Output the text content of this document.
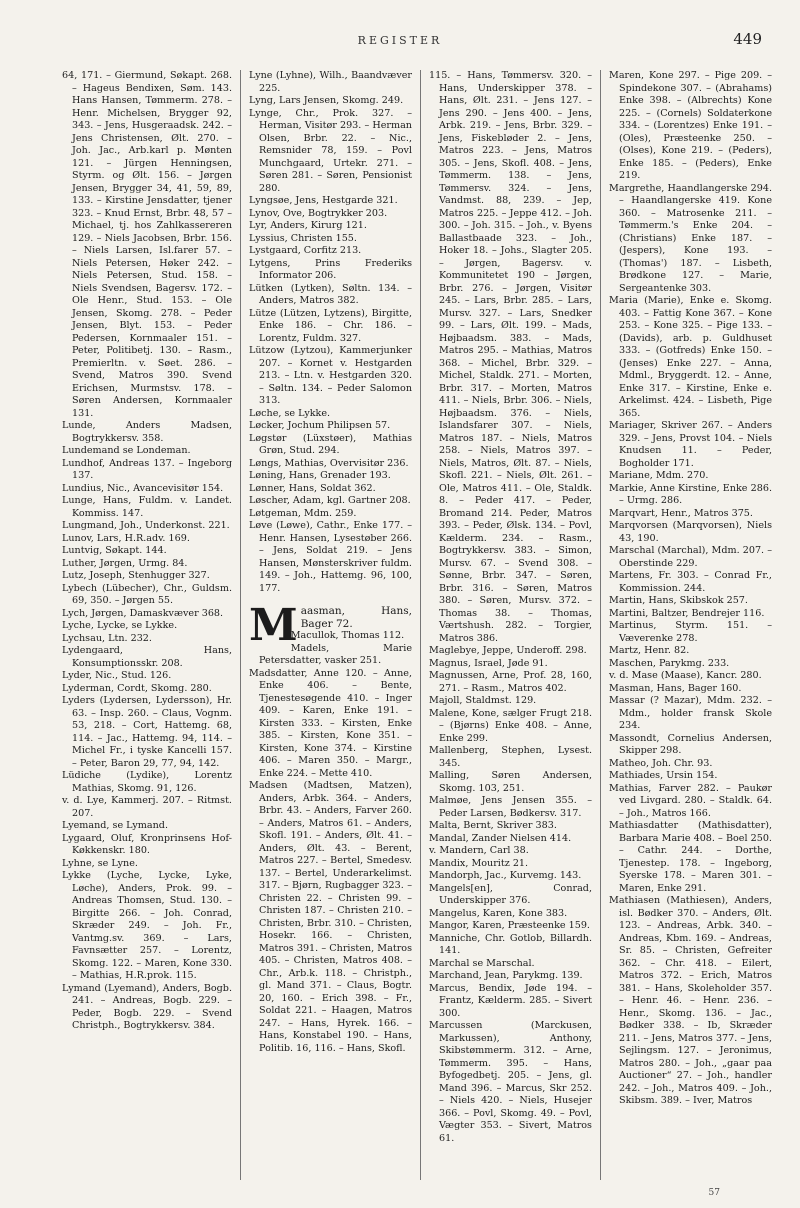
REGISTER	449

64, 171. – Giermund, Søkapt. 268. – Hageus Bendixen, Søm. 143. Hans Hansen, Tømmerm. 278. – Henr. Michelsen, Brygger 92, 343. – Jens, Husgeraadsk. 242. – Jens Christensen, Ølt. 270. – Joh. Jac., Arb.karl p. Mønten 121. – Jürgen Henningsen, Styrm. og Ølt. 156. – Jørgen Jensen, Brygger 34, 41, 59, 89, 133. – Kirstine Jensdatter, tjener 323. – Knud Ernst, Brbr. 48, 57 – Michael, tj. hos Zahlkassereren 129. – Niels Jacobsen, Brbr. 156. – Niels Larsen, Isl.farer 57. – Niels Petersen, Høker 242. – Niels Petersen, Stud. 158. – Niels Svendsen, Bagersv. 172. – Ole Henr., Stud. 153. – Ole Jensen, Skomg. 278. – Peder Jensen, Blyt. 153. – Peder Pedersen, Kornmaaler 151. – Peter, Politibetj. 130. – Rasm., Premierltn. v. Søet. 286. – Svend, Matros 390. Svend Erichsen, Murmstsv. 178. – Søren Andersen, Kornmaaler 131.

Lunde, Anders Madsen, Bogtrykkersv. 358.

Lundemand se Londeman.

Lundhof, Andreas 137. – Ingeborg 137.

Lundius, Nic., Avancevisitør 154.

Lunge, Hans, Fuldm. v. Landet. Kommiss. 147.

Lungmand, Joh., Underkonst. 221.

Lunov, Lars, H.R.adv. 169.

Luntvig, Søkapt. 144.

Luther, Jørgen, Urmg. 84.

Lutz, Joseph, Stenhugger 327.

Lybech (Lübecher), Chr., Guldsm. 69, 350. – Jørgen 55.

Lych, Jørgen, Damaskvæver 368.

Lyche, Lycke, se Lykke.

Lychsau, Ltn. 232.

Lydengaard, Hans, Konsumptionsskr. 208.

Lyder, Nic., Stud. 126.

Lyderman, Cordt, Skomg. 280.

Lyders (Lydersen, Lydersson), Hr. 63. – Insp. 260. – Claus, Vognm. 53, 218. – Cort, Hattemg. 68, 114. – Jac., Hattemg. 94, 114. – Michel Fr., i tyske Kancelli 157. – Peter, Baron 29, 77, 94, 142.

Lüdiche (Lydike), Lorentz Mathias, Skomg. 91, 126.

v. d. Lye, Kammerj. 207. – Ritmst. 207.

Lyemand, se Lymand.

Lygaard, Oluf, Kronprinsens Hof-Køkkenskr. 180.

Lyhne, se Lyne.

Lykke (Lyche, Lycke, Lyke, Løche), Anders, Prok. 99. – Andreas Thomsen, Stud. 130. – Birgitte 266. – Joh. Conrad, Skræder 249. – Joh. Fr., Vantmg.sv. 369. – Lars, Favnsætter 257. – Lorentz, Skomg. 122. – Maren, Kone 330. – Mathias, H.R.prok. 115.

Lymand (Lyemand), Anders, Bogb. 241. – Andreas, Bogb. 229. – Peder, Bogb. 229. – Svend Christph., Bogtrykkersv. 384.

Lyne (Lyhne), Wilh., Baandvæver 225.

Lyng, Lars Jensen, Skomg. 249.

Lynge, Chr., Prok. 327. – Herman, Visitør 293. – Herman Olsen, Brbr. 22. – Nic., Remsnider 78, 159. – Povl Munchgaard, Urtekr. 271. – Søren 281. – Søren, Pensionist 280.

Lyngsøe, Jens, Hestgarde 321.

Lynov, Ove, Bogtrykker 203.

Lyr, Anders, Kirurg 121.

Lyssius, Christen 155.

Lystgaard, Corfitz 213.

Lytgens, Prins Frederiks Informator 206.

Lütken (Lytken), Søltn. 134. – Anders, Matros 382.

Lütze (Lützen, Lytzens), Birgitte, Enke 186. – Chr. 186. – Lorentz, Fuldm. 327.

Lützow (Lytzou), Kammerjunker 207. – Kornet v. Hestgarden 213. – Ltn. v. Hestgarden 320. – Søltn. 134. – Peder Salomon 313.

Løche, se Lykke.

Løcker, Jochum Philipsen 57.

Løgstør (Lüxstøer), Mathias Grøn, Stud. 294.

Løngs, Mathias, Overvisitør 236.

Løning, Hans, Grenader 193.

Lønner, Hans, Soldat 362.

Løscher, Adam, kgl. Gartner 208.

Løtgeman, Mdm. 259.

Løve (Løwe), Cathr., Enke 177. – Henr. Hansen, Lysestøber 266. – Jens, Soldat 219. – Jens Hansen, Mønsterskriver fuldm. 149. – Joh., Hattemg. 96, 100, 177.

Maasman, Hans, Bager 72.

Macullok, Thomas 112.

Madels, Marie Petersdatter, vasker 251.

Madsdatter, Anne 120. – Anne, Enke 406. – Bente, Tjenestesøgende 410. – Inger 409. – Karen, Enke 191. – Kirsten 333. – Kirsten, Enke 385. – Kirsten, Kone 351. – Kirsten, Kone 374. – Kirstine 406. – Maren 350. – Margr., Enke 224. – Mette 410.

Madsen (Madtsen, Matzen), Anders, Arbk. 364. – Anders, Brbr. 43. – Anders, Farver 260. – Anders, Matros 61. – Anders, Skofl. 191. – Anders, Ølt. 41. – Anders, Ølt. 43. – Berent, Matros 227. – Bertel, Smedesv. 137. – Bertel, Underarkelimst. 317. – Bjørn, Rugbagger 323. – Christen 22. – Christen 99. – Christen 187. – Christen 210. – Christen, Brbr. 310. – Christen, Hosekr. 166. – Christen, Matros 391. – Christen, Matros 405. – Christen, Matros 408. – Chr., Arb.k. 118. – Christph., gl. Mand 371. – Claus, Bogtr. 20, 160. – Erich 398. – Fr., Soldat 221. – Haagen, Matros 247. – Hans, Hyrek. 166. – Hans, Konstabel 190. – Hans, Politib. 16, 116. – Hans, Skofl.

115. – Hans, Tømmersv. 320. – Hans, Underskipper 378. – Hans, Ølt. 231. – Jens 127. – Jens 290. – Jens 400. – Jens, Arbk. 219. – Jens, Brbr. 329. – Jens, Fiskebløder 2. – Jens, Matros 223. – Jens, Matros 305. – Jens, Skofl. 408. – Jens, Tømmerm. 138. – Jens, Tømmersv. 324. – Jens, Vandmst. 88, 239. – Jep, Matros 225. – Jeppe 412. – Joh. 300. – Joh. 315. – Joh., v. Byens Ballastbaade 323. – Joh., Hoker 18. – Johs., Slagter 205. – Jørgen, Bagersv. v. Kommunitetet 190 – Jørgen, Brbr. 276. – Jørgen, Visitør 245. – Lars, Brbr. 285. – Lars, Mursv. 327. – Lars, Snedker 99. – Lars, Ølt. 199. – Mads, Højbaadsm. 383. – Mads, Matros 295. – Mathias, Matros 368. – Michel, Brbr. 329. – Michel, Staldk. 271. – Morten, Brbr. 317. – Morten, Matros 411. – Niels, Brbr. 306. – Niels, Højbaadsm. 376. – Niels, Islandsfarer 307. – Niels, Matros 187. – Niels, Matros 258. – Niels, Matros 397. – Niels, Matros, Ølt. 87. – Niels, Skofl. 221. – Niels, Ølt. 261. – Ole, Matros 411. – Ole, Staldk. 8. – Peder 417. – Peder, Bromand 214. Peder, Matros 393. – Peder, Ølsk. 134. – Povl, Kælderm. 234. – Rasm., Bogtrykkersv. 383. – Simon, Mursv. 67. – Svend 308. – Sønne, Brbr. 347. – Søren, Brbr. 316. – Søren, Matros 380. – Søren, Mursv. 372. – Thomas 38. – Thomas, Værtshush. 282. – Torgier, Matros 386.

Maglebye, Jeppe, Underoff. 298.

Magnus, Israel, Jøde 91.

Magnussen, Arne, Prof. 28, 160, 271. – Rasm., Matros 402.

Majoll, Staldmst. 129.

Malene, Kone, sælger Frugt 218. – (Bjørns) Enke 408. – Anne, Enke 299.

Mallenberg, Stephen, Lysest. 345.

Malling, Søren Andersen, Skomg. 103, 251.

Malmøe, Jens Jensen 355. – Peder Larsen, Bødkersv. 317.

Malta, Bernt, Skriver 383.

Mandal, Zander Nielsen 414.

v. Mandern, Carl 38.

Mandix, Mouritz 21.

Mandorph, Jac., Kurvemg. 143.

Mangels[en], Conrad, Underskipper 376.

Mangelus, Karen, Kone 383.

Mangor, Karen, Præsteenke 159.

Manniche, Chr. Gotlob, Billardh. 141.

Marchal se Marschal.

Marchand, Jean, Parykmg. 139.

Marcus, Bendix, Jøde 194. – Frantz, Kælderm. 285. – Sivert 300.

Marcussen (Marckusen, Markussen), Anthony, Skibstømmerm. 312. – Arne, Tømmerm. 395. – Hans, Byfogedbetj. 205. – Jens, gl. Mand 396. – Marcus, Skr 252. – Niels 420. – Niels, Husejer 366. – Povl, Skomg. 49. – Povl, Vægter 353. – Sivert, Matros 61.

Maren, Kone 297. – Pige 209. – Spindekone 307. – (Abrahams) Enke 398. – (Albrechts) Kone 225. – (Cornels) Soldaterkone 334. – (Lorentzes) Enke 191. – (Oles), Præsteenke 250. – (Olses), Kone 219. – (Peders), Enke 185. – (Peders), Enke 219.

Margrethe, Haandlangerske 294. – Haandlangerske 419. Kone 360. – Matrosenke 211. – Tømmerm.'s Enke 204. – (Christians) Enke 187. – (Jespers), Kone 193. – (Thomas') 187. – Lisbeth, Brødkone 127. – Marie, Sergeantenke 303.

Maria (Marie), Enke e. Skomg. 403. – Fattig Kone 367. – Kone 253. – Kone 325. – Pige 133. – (Davids), arb. p. Guldhuset 333. – (Gotfreds) Enke 150. – (Jenses) Enke 227. – Anna, Mdml., Bryggerdt. 12. – Anne, Enke 317. – Kirstine, Enke e. Arkelimst. 424. – Lisbeth, Pige 365.

Mariager, Skriver 267. – Anders 329. – Jens, Provst 104. – Niels Knudsen 11. – Peder, Bogholder 171.

Mariane, Mdm. 270.

Markie, Anne Kirstine, Enke 286. – Urmg. 286.

Marqvart, Henr., Matros 375.

Marqvorsen (Marqvorsen), Niels 43, 190.

Marschal (Marchal), Mdm. 207. – Oberstinde 229.

Martens, Fr. 303. – Conrad Fr., Kommission. 244.

Martin, Hans, Skibskok 257.

Martini, Baltzer, Bendrejer 116.

Martinus, Styrm. 151. – Væverenke 278.

Martz, Henr. 82.

Maschen, Parykmg. 233.

v. d. Mase (Maase), Kancr. 280.

Masman, Hans, Bager 160.

Massar (? Mazar), Mdm. 232. – Mdm., holder fransk Skole 234.

Massondt, Cornelius Andersen, Skipper 298.

Matheo, Joh. Chr. 93.

Mathiades, Ursin 154.

Mathias, Farver 282. – Paukør ved Livgard. 280. – Staldk. 64. – Joh., Matros 166.

Mathiasdatter (Mathisdatter), Barbara Marie 408. – Boel 250. – Cathr. 244. – Dorthe, Tjenestep. 178. – Ingeborg, Syerske 178. – Maren 301. – Maren, Enke 291.

Mathiasen (Mathiesen), Anders, isl. Bødker 370. – Anders, Ølt. 123. – Andreas, Arbk. 340. – Andreas, Kbm. 169. – Andreas, Sr. 85. – Christen, Gefreiter 362. – Chr. 418. – Eilert, Matros 372. – Erich, Matros 381. – Hans, Skoleholder 357. – Henr. 46. – Henr. 236. – Henr., Skomg. 136. – Jac., Bødker 338. – Ib, Skræder 211. – Jens, Matros 377. – Jens, Sejlingsm. 127. – Jeronimus, Matros 280. – Joh., „gaar paa Auctioner“ 27. – Joh., handler 242. – Joh., Matros 409. – Joh., Skibsm. 389. – Iver, Matros

57
